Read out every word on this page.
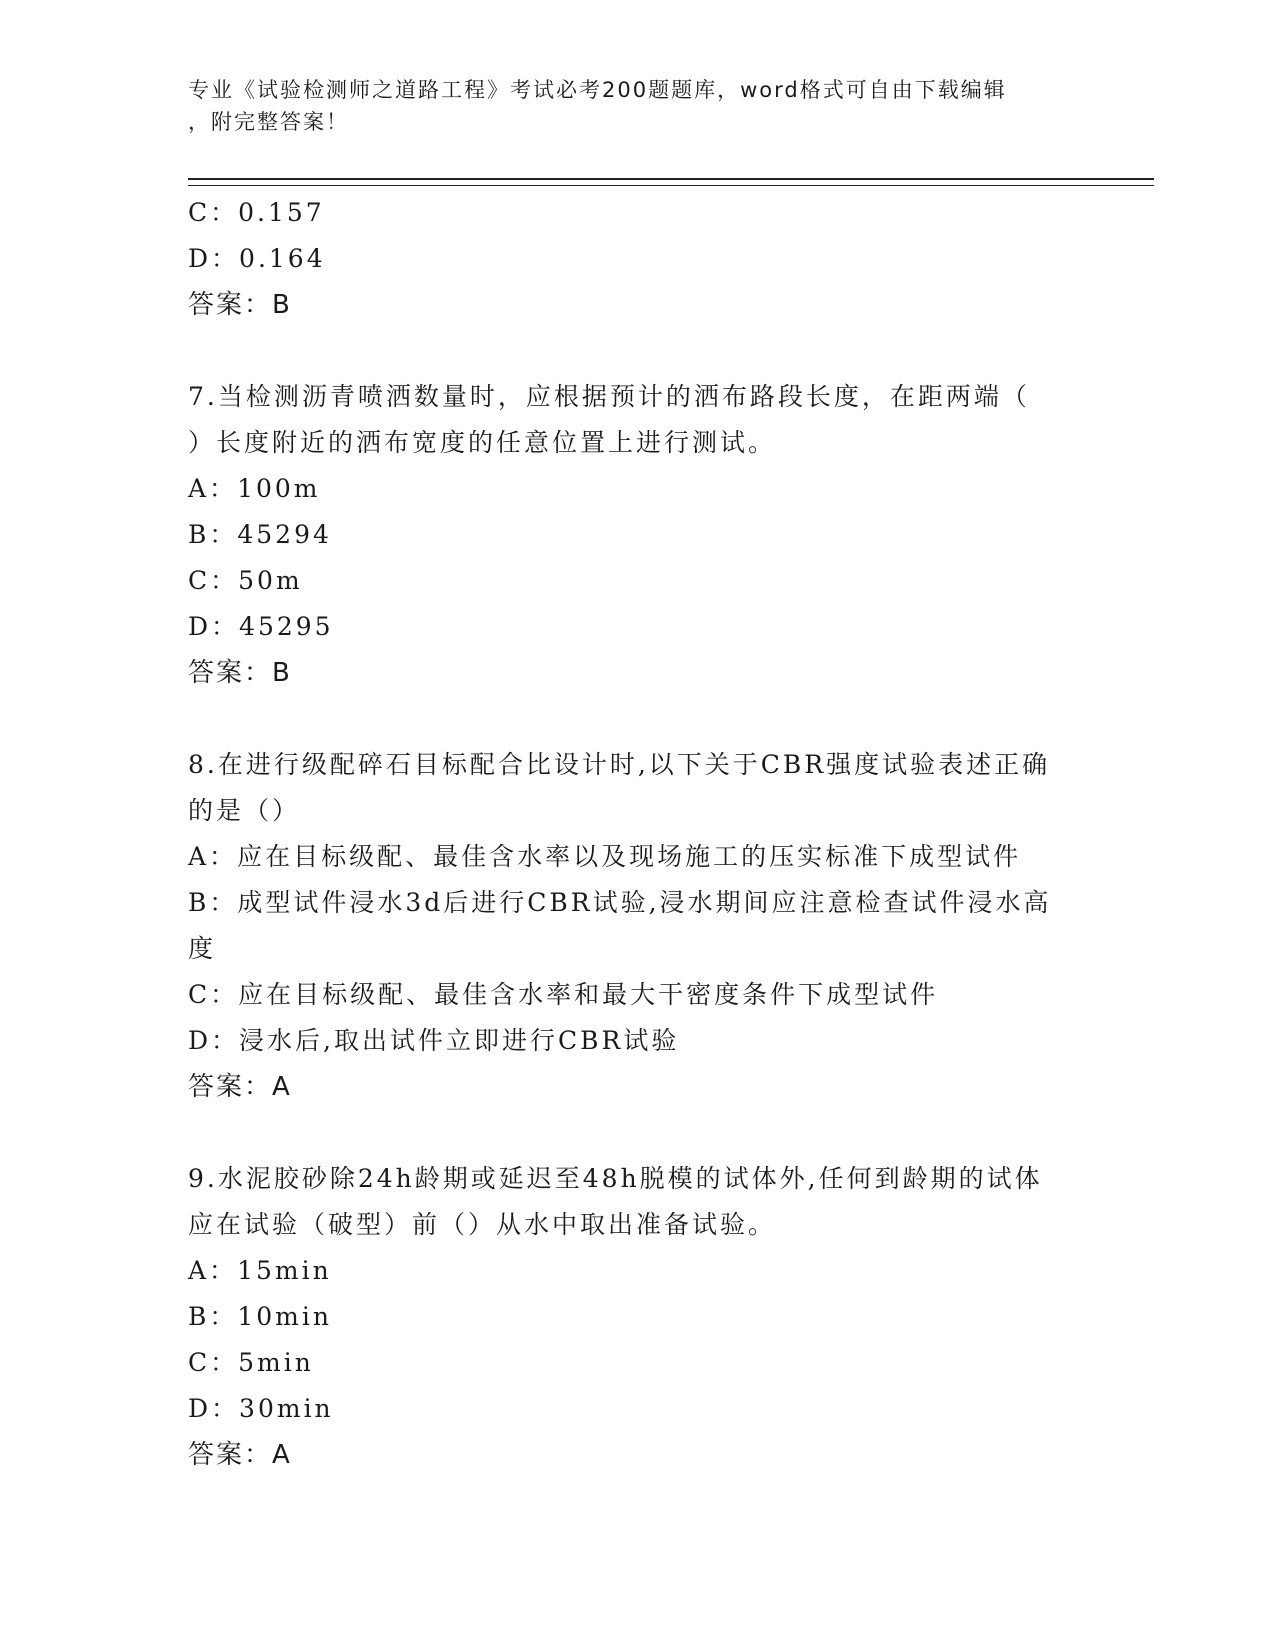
专业《试验检测师之道路工程》考试必考200题题库，word格式可自由下载编辑
，附完整答案！
C：0.157
D：0.164
答案：B
7.当检测沥青喷洒数量时，应根据预计的洒布路段长度，在距两端（
）长度附近的洒布宽度的任意位置上进行测试。
A：100m
B：45294
C：50m
D：45295
答案：B
8.在进行级配碎石目标配合比设计时,以下关于CBR强度试验表述正确
的是（）
A：应在目标级配、最佳含水率以及现场施工的压实标准下成型试件
B：成型试件浸水3d后进行CBR试验,浸水期间应注意检查试件浸水高
度
C：应在目标级配、最佳含水率和最大干密度条件下成型试件
D：浸水后,取出试件立即进行CBR试验
答案：A
9.水泥胶砂除24h龄期或延迟至48h脱模的试体外,任何到龄期的试体
应在试验（破型）前（）从水中取出准备试验。
A：15min
B：10min
C：5min
D：30min
答案：A
